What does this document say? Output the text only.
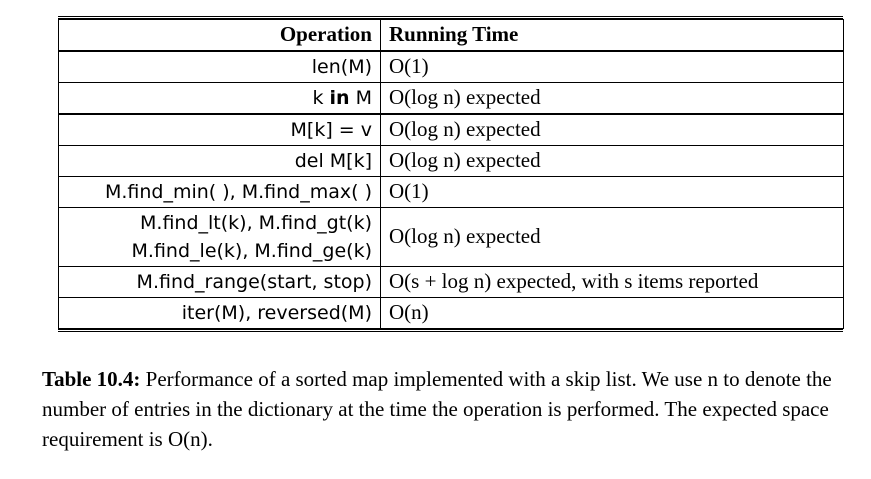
Operation	Running Time
len(M)	O(1)
k in M	O(log n) expected
M[k] = v	O(log n) expected
del M[k]	O(log n) expected
M.find_min( ), M.find_max( )	O(1)

M.find_lt(k), M.find_gt(k)
M.find_le(k), M.find_ge(k)	O(log n) expected
M.find_range(start, stop)	O(s + log n) expected, with s items reported
iter(M), reversed(M)	O(n)
Table 10.4: Performance of a sorted map implemented with a skip list. We use n to denote the number of entries in the dictionary at the time the operation is performed. The expected space requirement is O(n).
